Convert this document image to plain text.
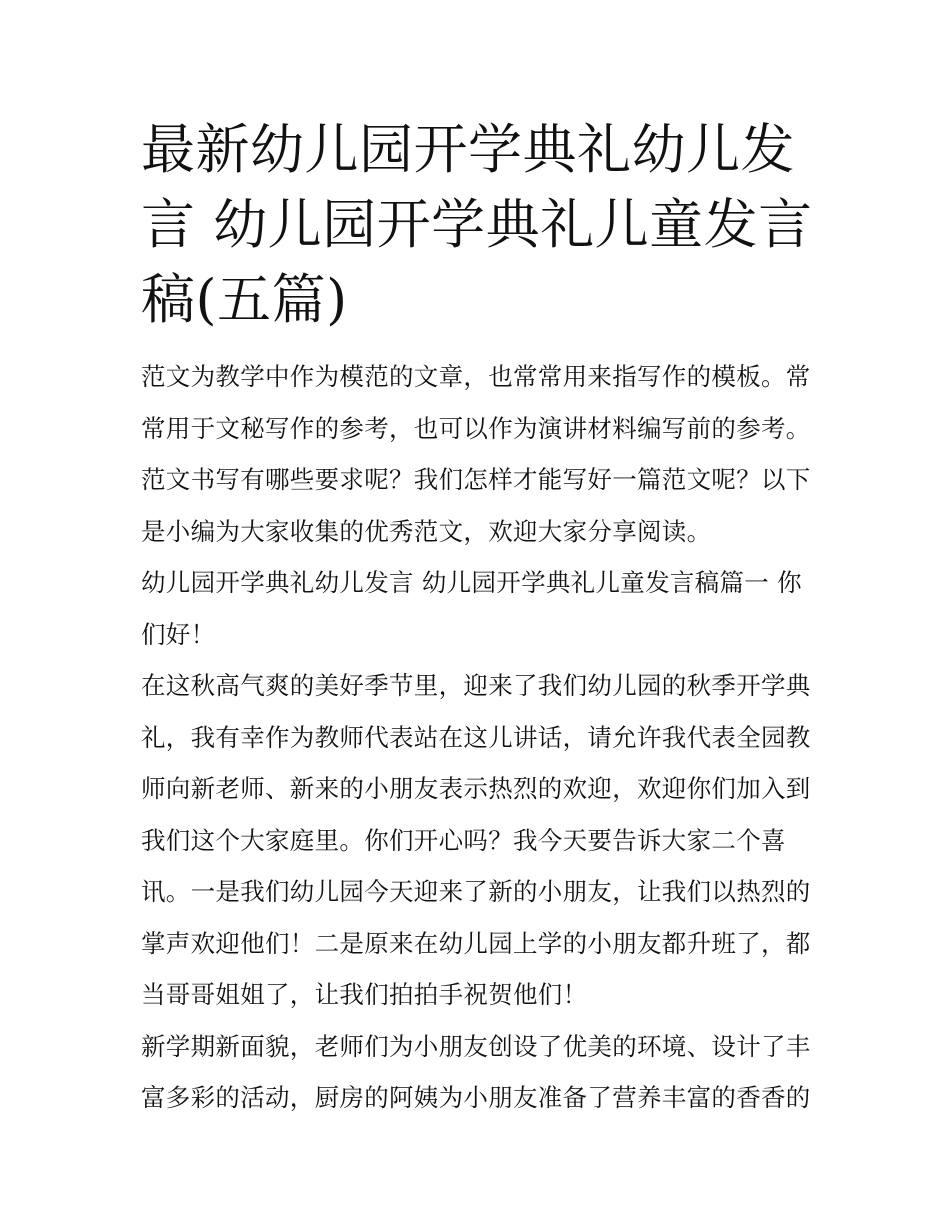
最新幼儿园开学典礼幼儿发言 幼儿园开学典礼儿童发言稿(五篇)

范文为教学中作为模范的文章，也常常用来指写作的模板。常常用于文秘写作的参考，也可以作为演讲材料编写前的参考。范文书写有哪些要求呢？我们怎样才能写好一篇范文呢？以下是小编为大家收集的优秀范文，欢迎大家分享阅读。

幼儿园开学典礼幼儿发言 幼儿园开学典礼儿童发言稿篇一 你们好！

在这秋高气爽的美好季节里，迎来了我们幼儿园的秋季开学典礼，我有幸作为教师代表站在这儿讲话，请允许我代表全园教师向新老师、新来的小朋友表示热烈的欢迎，欢迎你们加入到我们这个大家庭里。你们开心吗？我今天要告诉大家二个喜讯。一是我们幼儿园今天迎来了新的小朋友，让我们以热烈的掌声欢迎他们！二是原来在幼儿园上学的小朋友都升班了，都当哥哥姐姐了，让我们拍拍手祝贺他们！

新学期新面貌，老师们为小朋友创设了优美的环境、设计了丰富多彩的活动，厨房的阿姨为小朋友准备了营养丰富的香香的
